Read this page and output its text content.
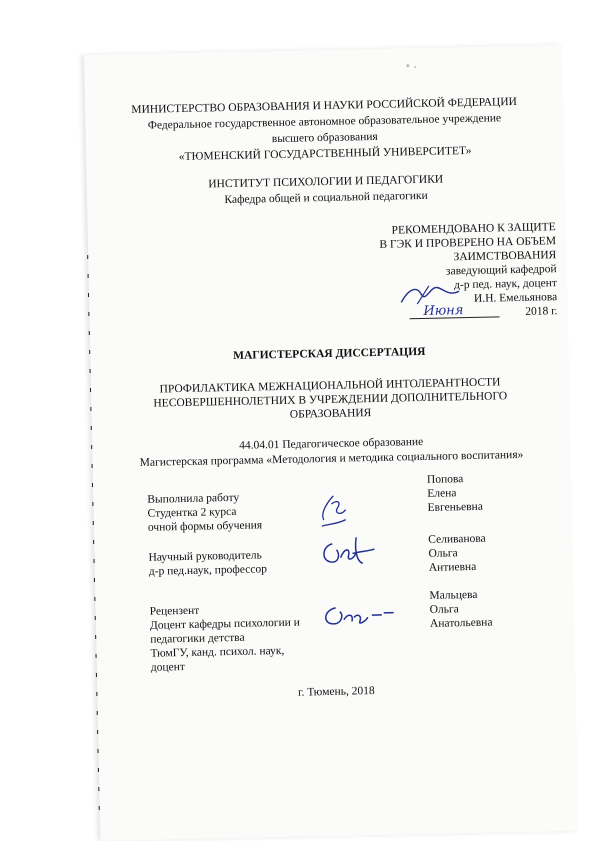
МИНИСТЕРСТВО ОБРАЗОВАНИЯ И НАУКИ РОССИЙСКОЙ ФЕДЕРАЦИИ
Федеральное государственное автономное образовательное учреждение
высшего образования
«ТЮМЕНСКИЙ ГОСУДАРСТВЕННЫЙ УНИВЕРСИТЕТ»
ИНСТИТУТ ПСИХОЛОГИИ И ПЕДАГОГИКИ
Кафедра общей и социальной педагогики
РЕКОМЕНДОВАНО К ЗАЩИТЕ
В ГЭК И ПРОВЕРЕНО НА ОБЪЕМ
ЗАИМСТВОВАНИЯ
заведующий кафедрой
д-р пед. наук, доцент
И.Н. Емельянова
Июня	2018 г.
МАГИСТЕРСКАЯ ДИССЕРТАЦИЯ
ПРОФИЛАКТИКА МЕЖНАЦИОНАЛЬНОЙ ИНТОЛЕРАНТНОСТИ
НЕСОВЕРШЕННОЛЕТНИХ В УЧРЕЖДЕНИИ ДОПОЛНИТЕЛЬНОГО
ОБРАЗОВАНИЯ
44.04.01 Педагогическое образование
Магистерская программа «Методология и методика социального воспитания»
Выполнила работу
Студентка 2 курса
очной формы обучения
Попова
Елена
Евгеньевна
Научный руководитель
д-р пед.наук, профессор
Селиванова
Ольга
Антиевна
Рецензент
Доцент кафедры психологии и
педагогики детства
ТюмГУ, канд. психол. наук,
доцент
Мальцева
Ольга
Анатольевна
г. Тюмень, 2018
